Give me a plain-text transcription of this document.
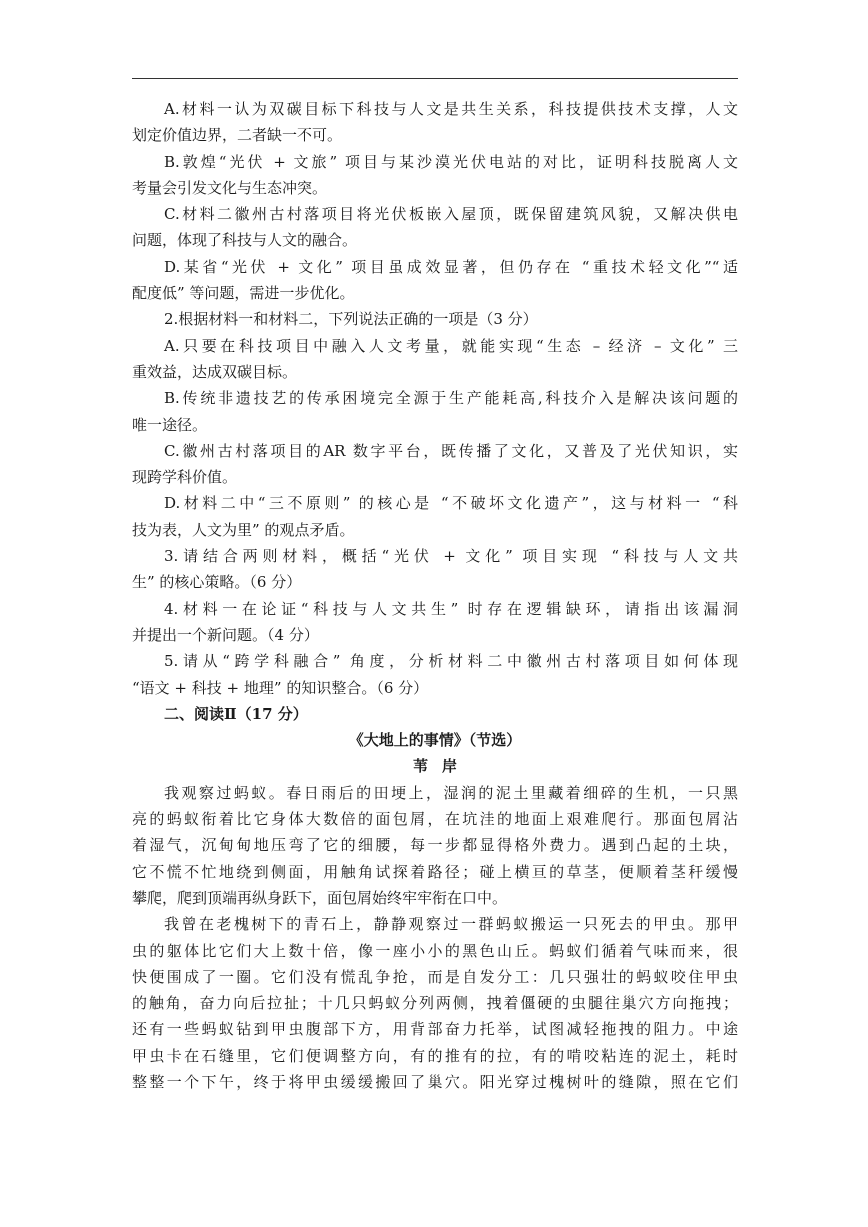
A.材料一认为双碳目标下科技与人文是共生关系，科技提供技术支撑，人文
划定价值边界，二者缺一不可。
B.敦煌“光伏 + 文旅” 项目与某沙漠光伏电站的对比，证明科技脱离人文
考量会引发文化与生态冲突。
C.材料二徽州古村落项目将光伏板嵌入屋顶，既保留建筑风貌，又解决供电
问题，体现了科技与人文的融合。
D.某省“光伏 + 文化” 项目虽成效显著，但仍存在 “重技术轻文化”“适
配度低” 等问题，需进一步优化。
2.根据材料一和材料二，下列说法正确的一项是（3 分）
A.只要在科技项目中融入人文考量，就能实现“生态 – 经济 – 文化” 三
重效益，达成双碳目标。
B.传统非遗技艺的传承困境完全源于生产能耗高,科技介入是解决该问题的
唯一途径。
C.徽州古村落项目的AR 数字平台，既传播了文化，又普及了光伏知识，实
现跨学科价值。
D.材料二中“三不原则” 的核心是 “不破坏文化遗产”，这与材料一 “科
技为表，人文为里” 的观点矛盾。
3.请结合两则材料，概括“光伏 + 文化” 项目实现 “科技与人文共
生” 的核心策略。（6 分）
4.材料一在论证“科技与人文共生” 时存在逻辑缺环，请指出该漏洞
并提出一个新问题。（4 分）
5.请从“跨学科融合” 角度，分析材料二中徽州古村落项目如何体现
“语文 + 科技 + 地理” 的知识整合。（6 分）
二、阅读Ⅱ（17 分）
《大地上的事情》（节选）
苇岸
我观察过蚂蚁。春日雨后的田埂上，湿润的泥土里藏着细碎的生机，一只黑
亮的蚂蚁衔着比它身体大数倍的面包屑，在坑洼的地面上艰难爬行。那面包屑沾
着湿气，沉甸甸地压弯了它的细腰，每一步都显得格外费力。遇到凸起的土块，
它不慌不忙地绕到侧面，用触角试探着路径；碰上横亘的草茎，便顺着茎秆缓慢
攀爬，爬到顶端再纵身跃下，面包屑始终牢牢衔在口中。
我曾在老槐树下的青石上，静静观察过一群蚂蚁搬运一只死去的甲虫。那甲
虫的躯体比它们大上数十倍，像一座小小的黑色山丘。蚂蚁们循着气味而来，很
快便围成了一圈。它们没有慌乱争抢，而是自发分工：几只强壮的蚂蚁咬住甲虫
的触角，奋力向后拉扯；十几只蚂蚁分列两侧，拽着僵硬的虫腿往巢穴方向拖拽；
还有一些蚂蚁钻到甲虫腹部下方，用背部奋力托举，试图减轻拖拽的阻力。中途
甲虫卡在石缝里，它们便调整方向，有的推有的拉，有的啃咬粘连的泥土，耗时
整整一个下午，终于将甲虫缓缓搬回了巢穴。阳光穿过槐树叶的缝隙，照在它们
